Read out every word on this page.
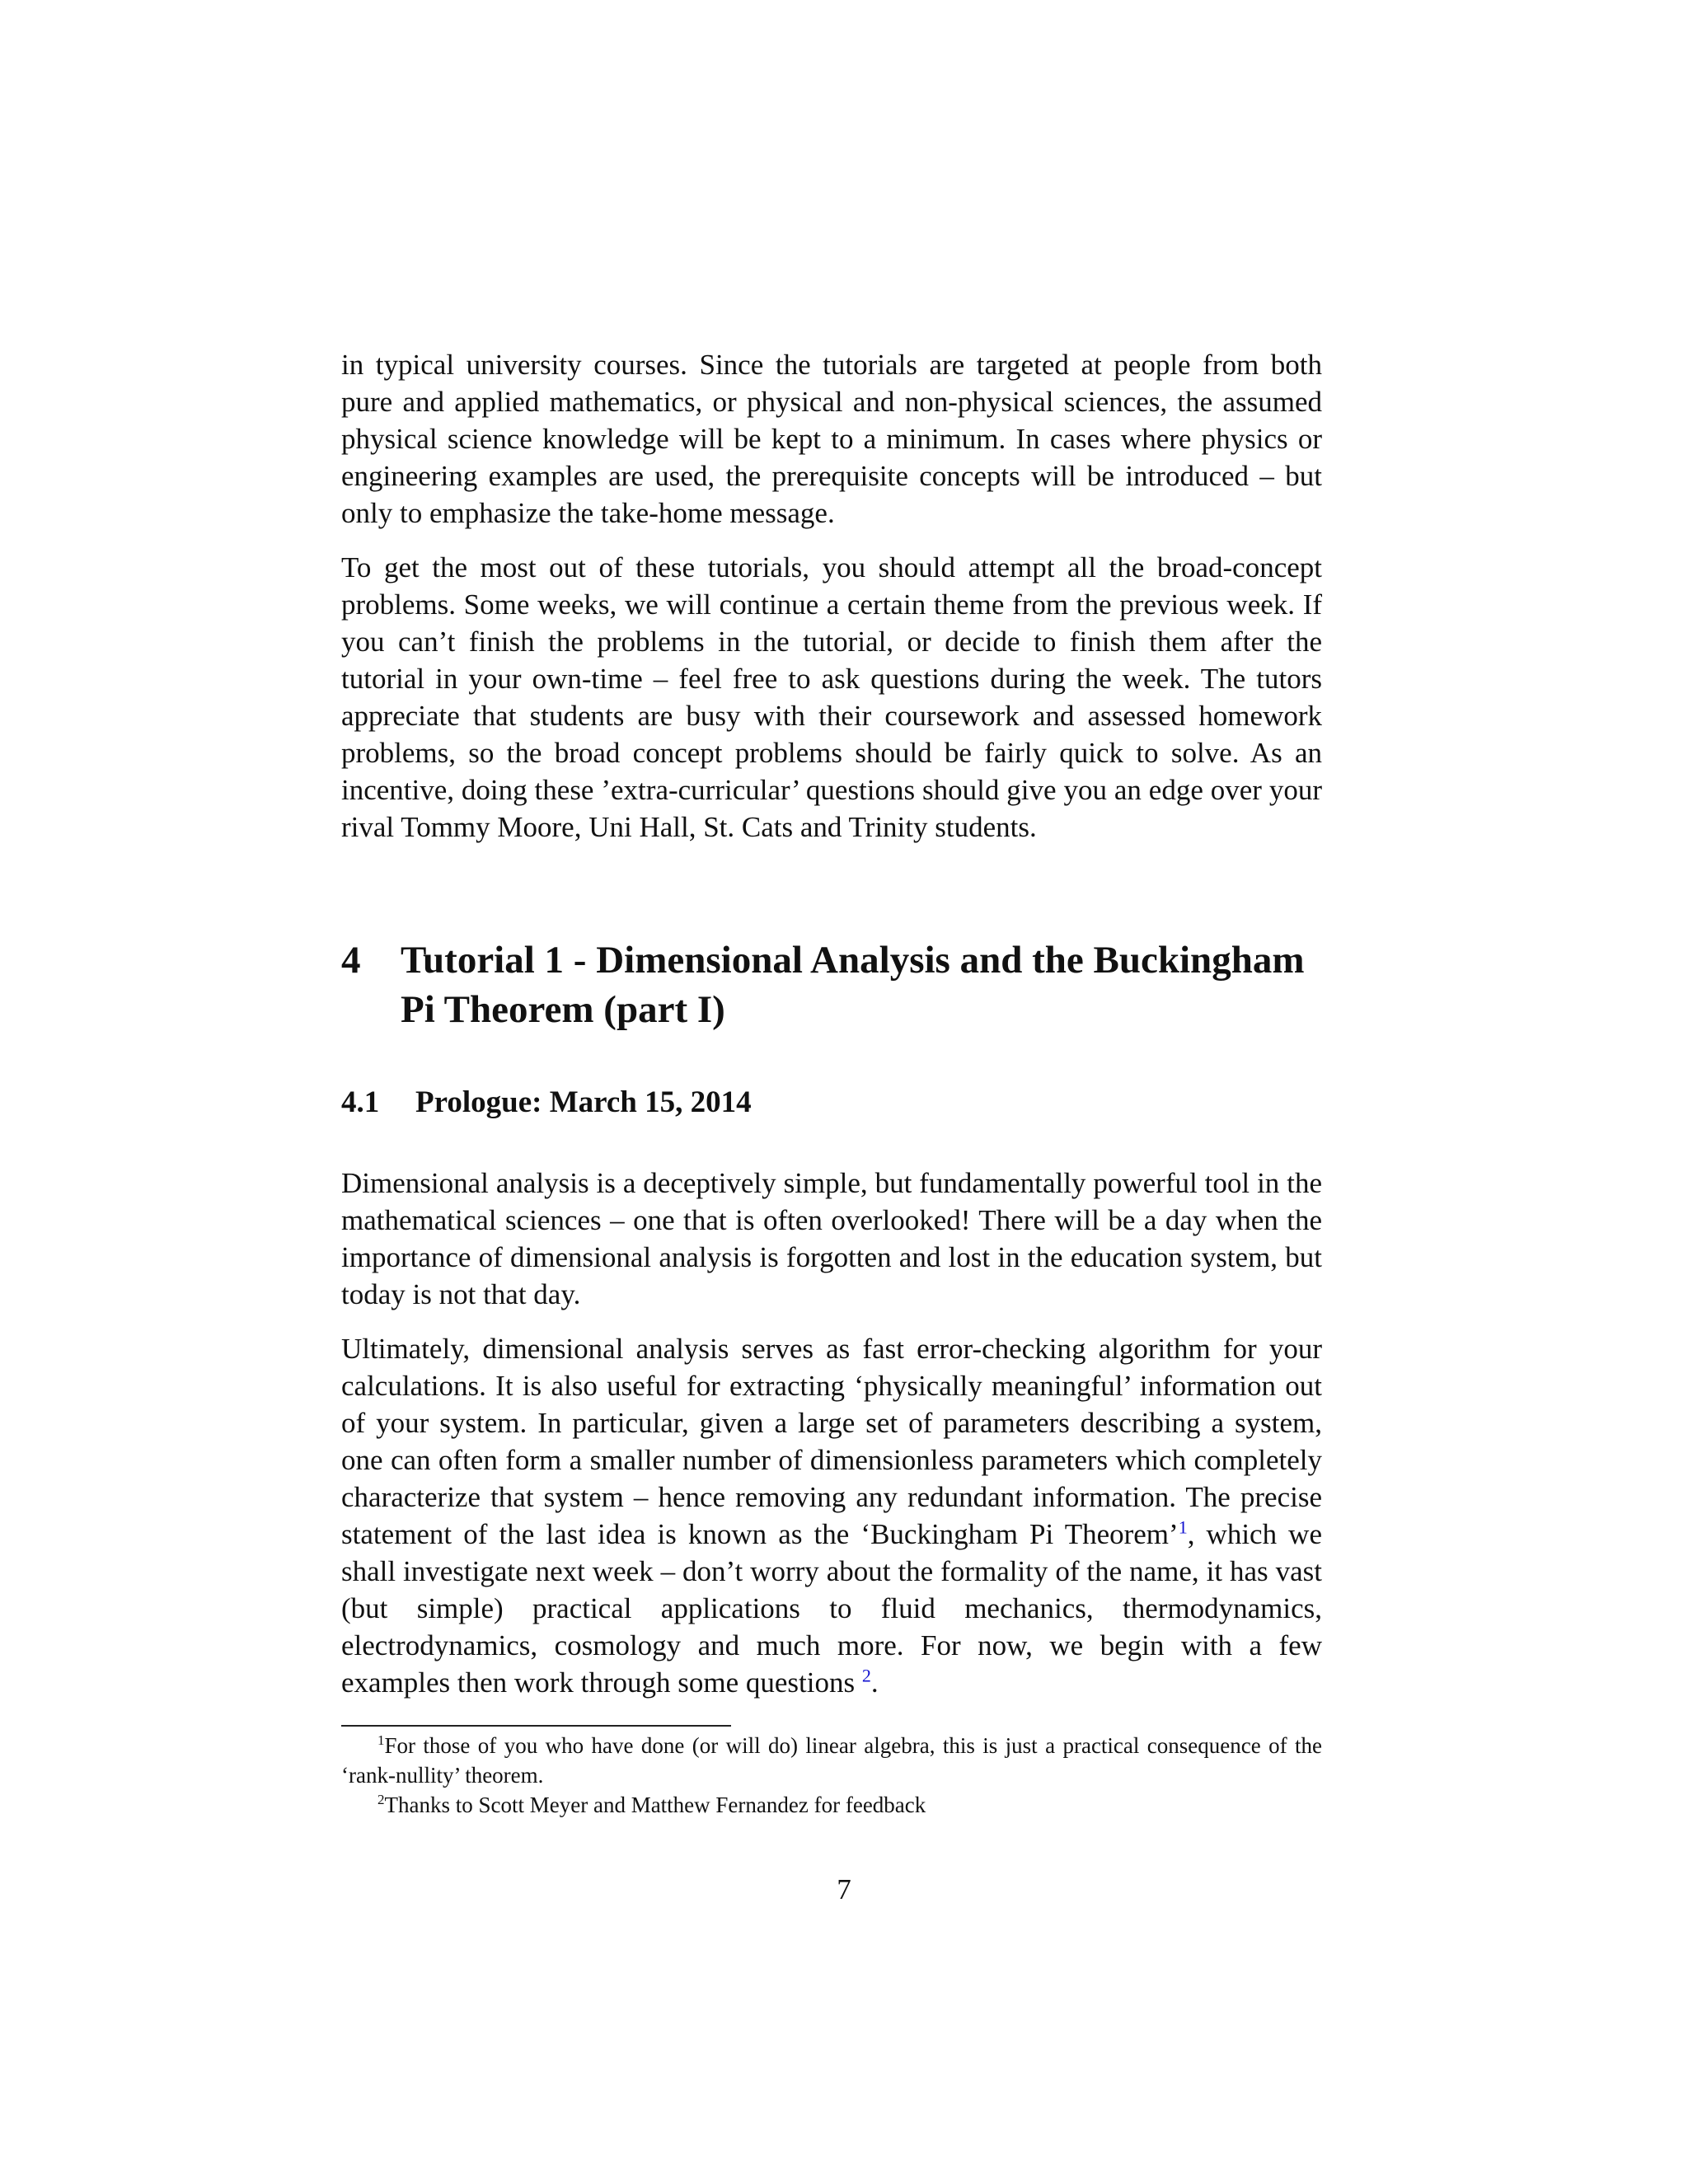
in typical university courses. Since the tutorials are targeted at people from both pure and applied mathematics, or physical and non-physical sciences, the assumed physical science knowledge will be kept to a minimum. In cases where physics or engineering examples are used, the prerequisite concepts will be introduced – but only to emphasize the take-home message.

To get the most out of these tutorials, you should attempt all the broad-concept problems. Some weeks, we will continue a certain theme from the previous week. If you can’t finish the problems in the tutorial, or decide to finish them after the tutorial in your own-time – feel free to ask questions during the week. The tutors appreciate that students are busy with their coursework and assessed homework problems, so the broad concept problems should be fairly quick to solve. As an incentive, doing these ’extra-curricular’ questions should give you an edge over your rival Tommy Moore, Uni Hall, St. Cats and Trinity students.

4	Tutorial 1 - Dimensional Analysis and the Buckingham Pi Theorem (part I)
4.1	Prologue: March 15, 2014

Dimensional analysis is a deceptively simple, but fundamentally powerful tool in the mathematical sciences – one that is often overlooked! There will be a day when the importance of dimensional analysis is forgotten and lost in the education system, but today is not that day.

Ultimately, dimensional analysis serves as fast error-checking algorithm for your calculations. It is also useful for extracting ‘physically meaningful’ information out of your system. In particular, given a large set of parameters describing a system, one can often form a smaller number of dimensionless parameters which completely characterize that system – hence removing any redundant information. The precise statement of the last idea is known as the ‘Buckingham Pi Theorem’$^1$, which we shall investigate next week – don’t worry about the formality of the name, it has vast (but simple) practical applications to fluid mechanics, thermodynamics, electrodynamics, cosmology and much more. For now, we begin with a few examples then work through some questions $^2$.

$^1$For those of you who have done (or will do) linear algebra, this is just a practical consequence of the ‘rank-nullity’ theorem.

$^2$Thanks to Scott Meyer and Matthew Fernandez for feedback

7
